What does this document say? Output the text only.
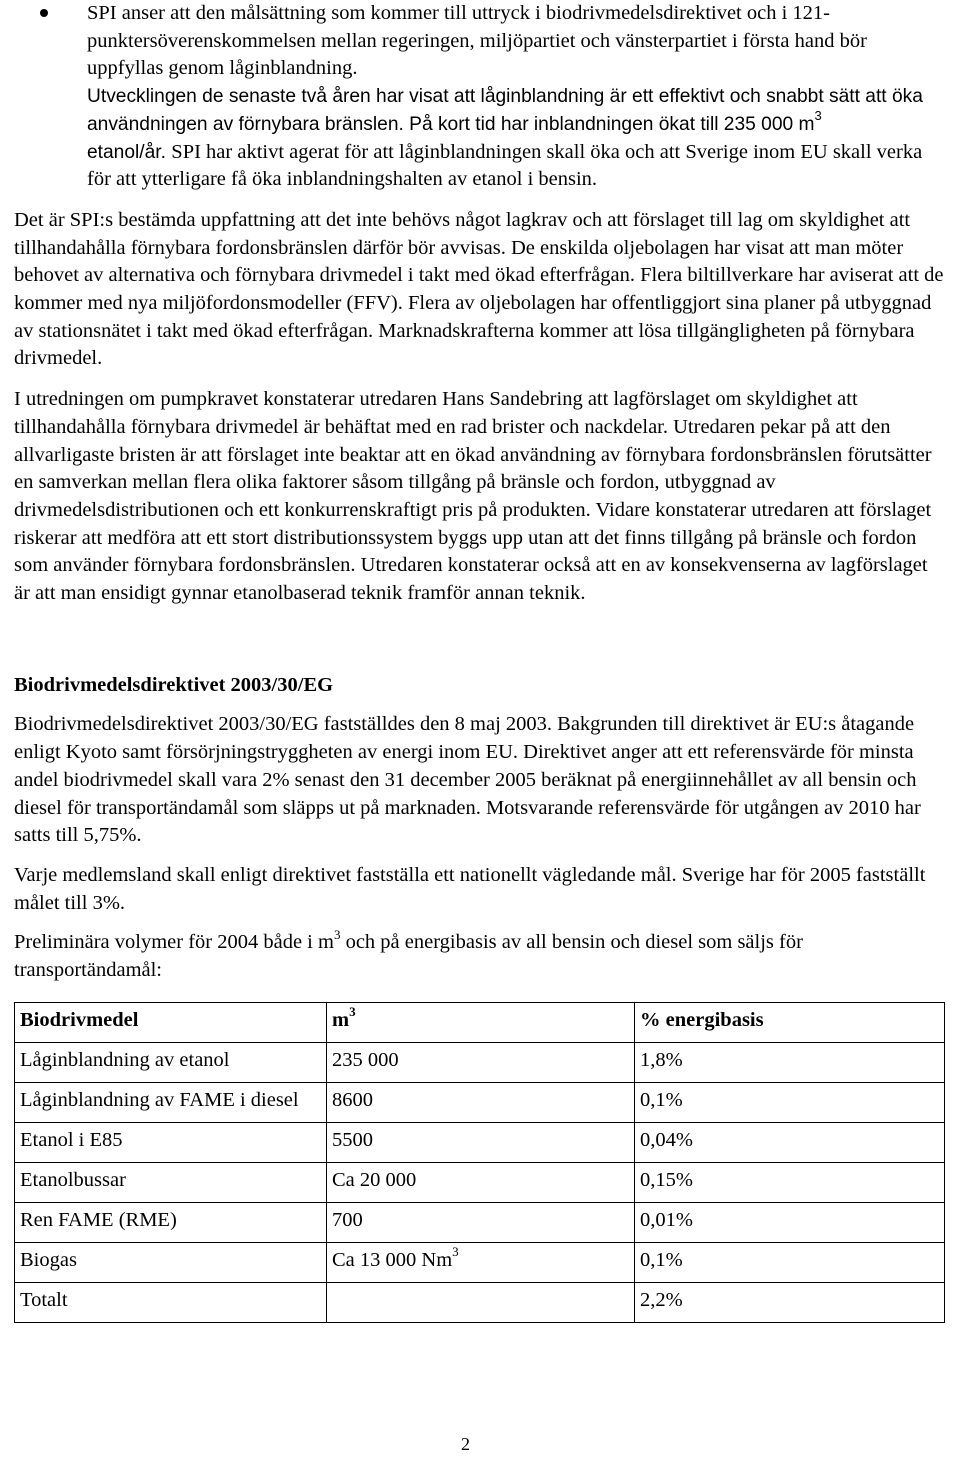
SPI anser att den målsättning som kommer till uttryck i biodrivmedelsdirektivet och i 121- punktersöverenskommelsen mellan regeringen, miljöpartiet och vänsterpartiet i första hand bör uppfyllas genom låginblandning.

Utvecklingen de senaste två åren har visat att låginblandning är ett effektivt och snabbt sätt att öka användningen av förnybara bränslen. På kort tid har inblandningen ökat till 235 000 $m^3$
etanol/år. SPI har aktivt agerat för att låginblandningen skall öka och att Sverige inom EU skall verka för att ytterligare få öka inblandningshalten av etanol i bensin.

Det är SPI:s bestämda uppfattning att det inte behövs något lagkrav och att förslaget till lag om skyldighet att tillhandahålla förnybara fordonsbränslen därför bör avvisas. De enskilda oljebolagen har visat att man möter behovet av alternativa och förnybara drivmedel i takt med ökad efterfrågan. Flera biltillverkare har aviserat att de kommer med nya miljöfordonsmodeller (FFV). Flera av oljebolagen har offentliggjort sina planer på utbyggnad av stationsnätet i takt med ökad efterfrågan. Marknadskrafterna kommer att lösa tillgängligheten på förnybara drivmedel.

I utredningen om pumpkravet konstaterar utredaren Hans Sandebring att lagförslaget om skyldighet att tillhandahålla förnybara drivmedel är behäftat med en rad brister och nackdelar. Utredaren pekar på att den allvarligaste bristen är att förslaget inte beaktar att en ökad användning av förnybara fordonsbränslen förutsätter en samverkan mellan flera olika faktorer såsom tillgång på bränsle och fordon, utbyggnad av drivmedelsdistributionen och ett konkurrenskraftigt pris på produkten. Vidare konstaterar utredaren att förslaget riskerar att medföra att ett stort distributionssystem byggs upp utan att det finns tillgång på bränsle och fordon som använder förnybara fordonsbränslen. Utredaren konstaterar också att en av konsekvenserna av lagförslaget är att man ensidigt gynnar etanolbaserad teknik framför annan teknik.

Biodrivmedelsdirektivet 2003/30/EG

Biodrivmedelsdirektivet 2003/30/EG fastställdes den 8 maj 2003. Bakgrunden till direktivet är EU:s åtagande enligt Kyoto samt försörjningstryggheten av energi inom EU. Direktivet anger att ett referensvärde för minsta andel biodrivmedel skall vara 2% senast den 31 december 2005 beräknat på energiinnehållet av all bensin och diesel för transportändamål som släpps ut på marknaden. Motsvarande referensvärde för utgången av 2010 har satts till 5,75%.

Varje medlemsland skall enligt direktivet fastställa ett nationellt vägledande mål. Sverige har för 2005 fastställt målet till 3%.

Preliminära volymer för 2004 både i $m^3$ och på energibasis av all bensin och diesel som säljs för transportändamål:

Biodrivmedel	$m^3$	% energibasis
Låginblandning av etanol	235 000	1,8%
Låginblandning av FAME i diesel	8600	0,1%
Etanol i E85	5500	0,04%
Etanolbussar	Ca 20 000	0,15%
Ren FAME (RME)	700	0,01%
Biogas	Ca 13 000 Nm$^3$	0,1%
Totalt		2,2%
2
